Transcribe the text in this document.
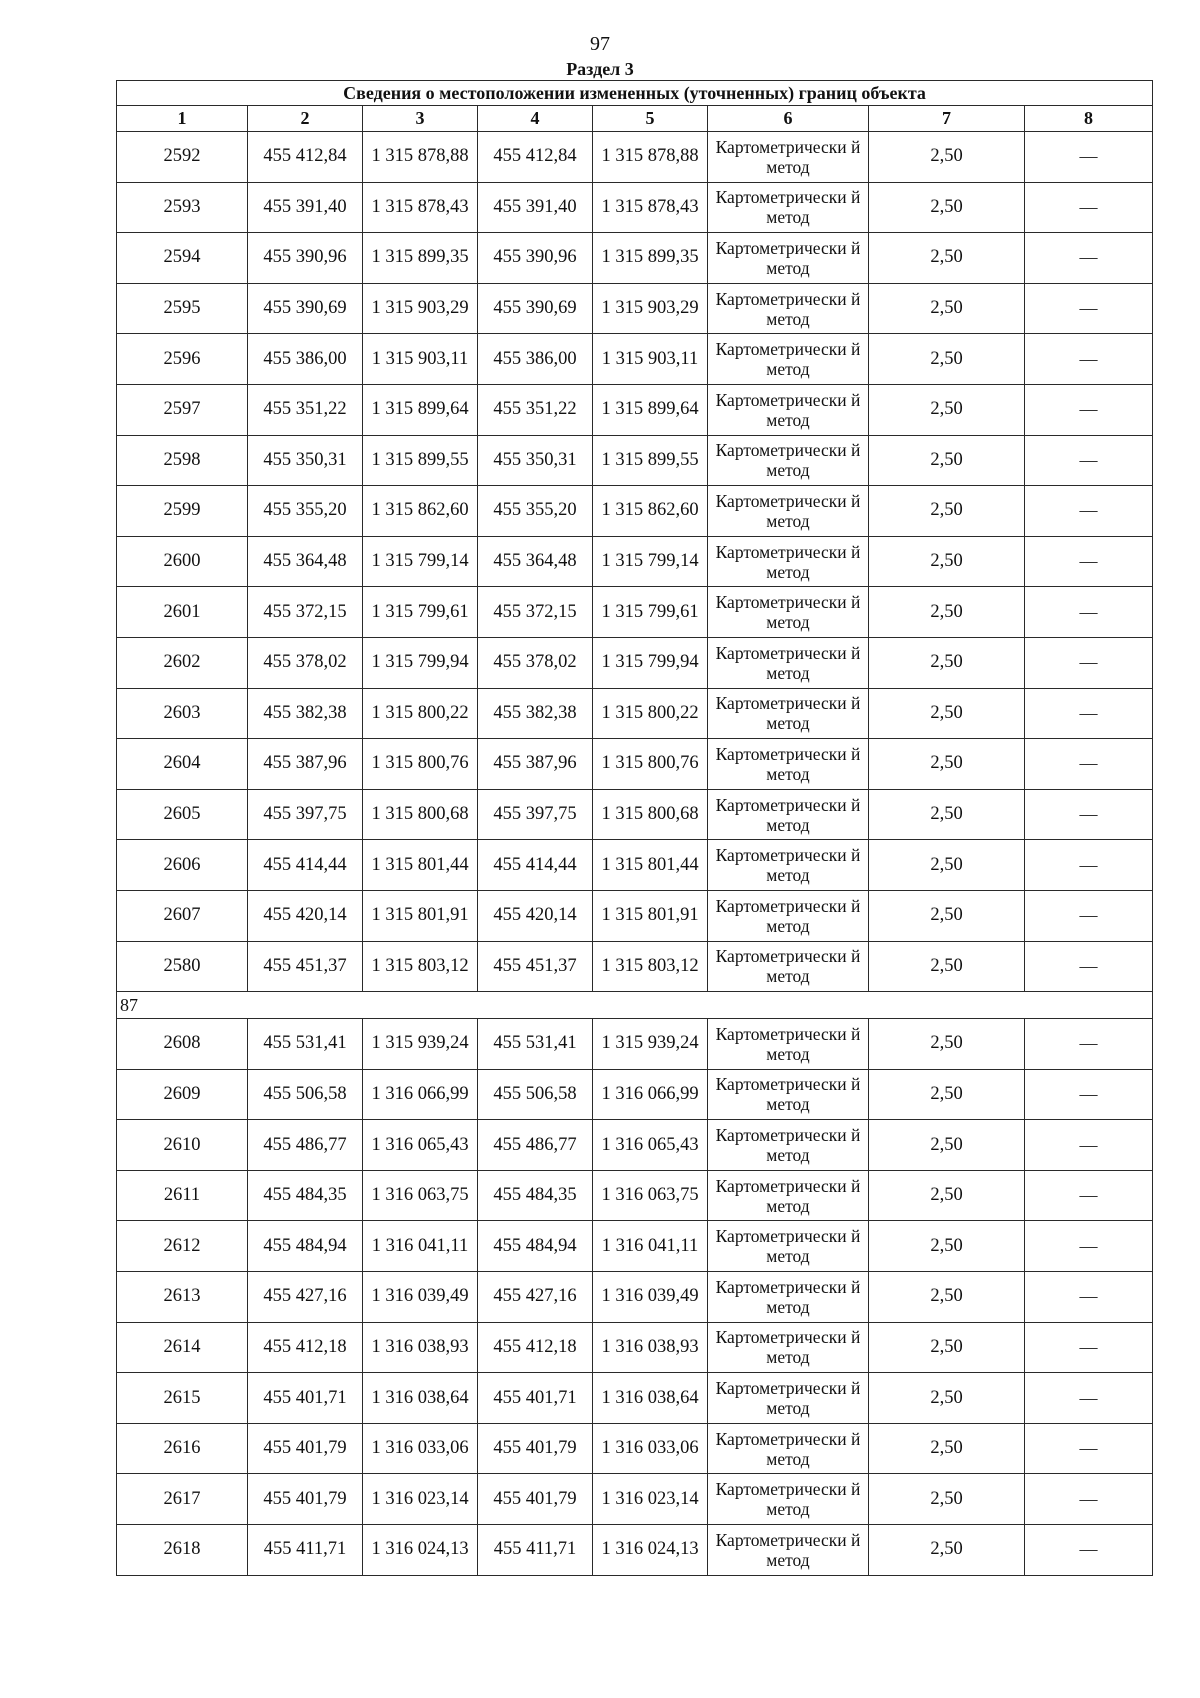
97
Раздел 3
Сведения о местоположении измененных (уточненных) границ объекта							
1	2	3	4	5	6	7	8
2592	455 412,84	1 315 878,88	455 412,84	1 315 878,88	Картометрически й метод	2,50	—
2593	455 391,40	1 315 878,43	455 391,40	1 315 878,43	Картометрически й метод	2,50	—
2594	455 390,96	1 315 899,35	455 390,96	1 315 899,35	Картометрически й метод	2,50	—
2595	455 390,69	1 315 903,29	455 390,69	1 315 903,29	Картометрически й метод	2,50	—
2596	455 386,00	1 315 903,11	455 386,00	1 315 903,11	Картометрически й метод	2,50	—
2597	455 351,22	1 315 899,64	455 351,22	1 315 899,64	Картометрически й метод	2,50	—
2598	455 350,31	1 315 899,55	455 350,31	1 315 899,55	Картометрически й метод	2,50	—
2599	455 355,20	1 315 862,60	455 355,20	1 315 862,60	Картометрически й метод	2,50	—
2600	455 364,48	1 315 799,14	455 364,48	1 315 799,14	Картометрически й метод	2,50	—
2601	455 372,15	1 315 799,61	455 372,15	1 315 799,61	Картометрически й метод	2,50	—
2602	455 378,02	1 315 799,94	455 378,02	1 315 799,94	Картометрически й метод	2,50	—
2603	455 382,38	1 315 800,22	455 382,38	1 315 800,22	Картометрически й метод	2,50	—
2604	455 387,96	1 315 800,76	455 387,96	1 315 800,76	Картометрически й метод	2,50	—
2605	455 397,75	1 315 800,68	455 397,75	1 315 800,68	Картометрически й метод	2,50	—
2606	455 414,44	1 315 801,44	455 414,44	1 315 801,44	Картометрически й метод	2,50	—
2607	455 420,14	1 315 801,91	455 420,14	1 315 801,91	Картометрически й метод	2,50	—
2580	455 451,37	1 315 803,12	455 451,37	1 315 803,12	Картометрически й метод	2,50	—
87							
2608	455 531,41	1 315 939,24	455 531,41	1 315 939,24	Картометрически й метод	2,50	—
2609	455 506,58	1 316 066,99	455 506,58	1 316 066,99	Картометрически й метод	2,50	—
2610	455 486,77	1 316 065,43	455 486,77	1 316 065,43	Картометрически й метод	2,50	—
2611	455 484,35	1 316 063,75	455 484,35	1 316 063,75	Картометрически й метод	2,50	—
2612	455 484,94	1 316 041,11	455 484,94	1 316 041,11	Картометрически й метод	2,50	—
2613	455 427,16	1 316 039,49	455 427,16	1 316 039,49	Картометрически й метод	2,50	—
2614	455 412,18	1 316 038,93	455 412,18	1 316 038,93	Картометрически й метод	2,50	—
2615	455 401,71	1 316 038,64	455 401,71	1 316 038,64	Картометрически й метод	2,50	—
2616	455 401,79	1 316 033,06	455 401,79	1 316 033,06	Картометрически й метод	2,50	—
2617	455 401,79	1 316 023,14	455 401,79	1 316 023,14	Картометрически й метод	2,50	—
2618	455 411,71	1 316 024,13	455 411,71	1 316 024,13	Картометрически й метод	2,50	—
